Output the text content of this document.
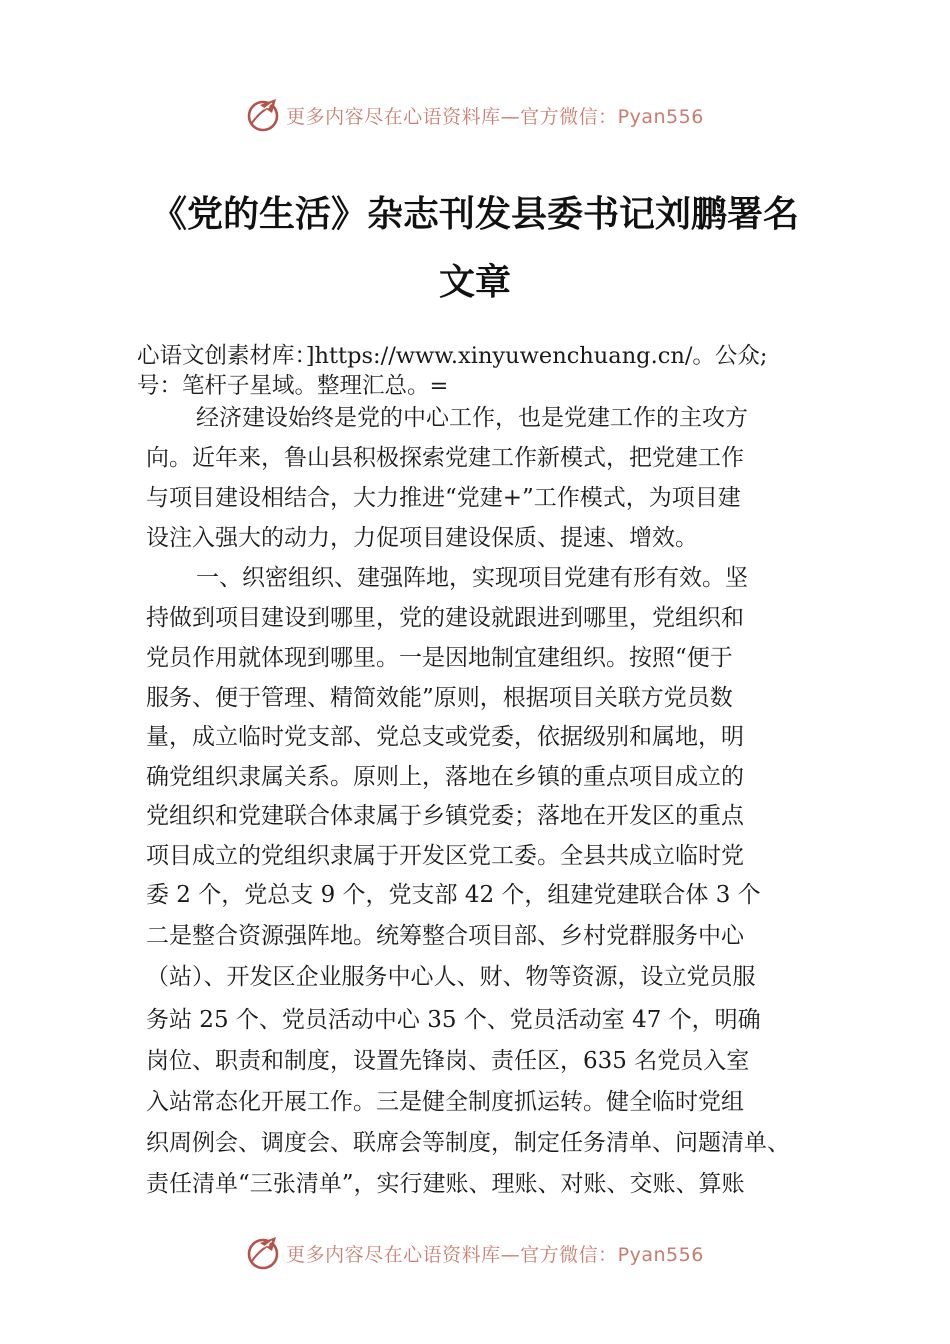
更多内容尽在心语资料库—官方微信：Pyan556
《党的生活》杂志刊发县委书记刘鹏署名
文章
心语文创素材库：]https://www.xinyuwenchuang.cn/。公众;
号：笔杆子星域。整理汇总。=
经济建设始终是党的中心工作，也是党建工作的主攻方
向。近年来，鲁山县积极探索党建工作新模式，把党建工作
与项目建设相结合，大力推进“党建+”工作模式，为项目建
设注入强大的动力，力促项目建设保质、提速、增效。
一、织密组织、建强阵地，实现项目党建有形有效。坚
持做到项目建设到哪里，党的建设就跟进到哪里，党组织和
党员作用就体现到哪里。一是因地制宜建组织。按照“便于
服务、便于管理、精简效能”原则，根据项目关联方党员数
量，成立临时党支部、党总支或党委，依据级别和属地，明
确党组织隶属关系。原则上，落地在乡镇的重点项目成立的
党组织和党建联合体隶属于乡镇党委；落地在开发区的重点
项目成立的党组织隶属于开发区党工委。全县共成立临时党
委 2 个，党总支 9 个，党支部 42 个，组建党建联合体 3 个
二是整合资源强阵地。统筹整合项目部、乡村党群服务中心
（站）、开发区企业服务中心人、财、物等资源，设立党员服
务站 25 个、党员活动中心 35 个、党员活动室 47 个，明确
岗位、职责和制度，设置先锋岗、责任区，635 名党员入室
入站常态化开展工作。三是健全制度抓运转。健全临时党组
织周例会、调度会、联席会等制度，制定任务清单、问题清单、
责任清单“三张清单”，实行建账、理账、对账、交账、算账
更多内容尽在心语资料库—官方微信：Pyan556
